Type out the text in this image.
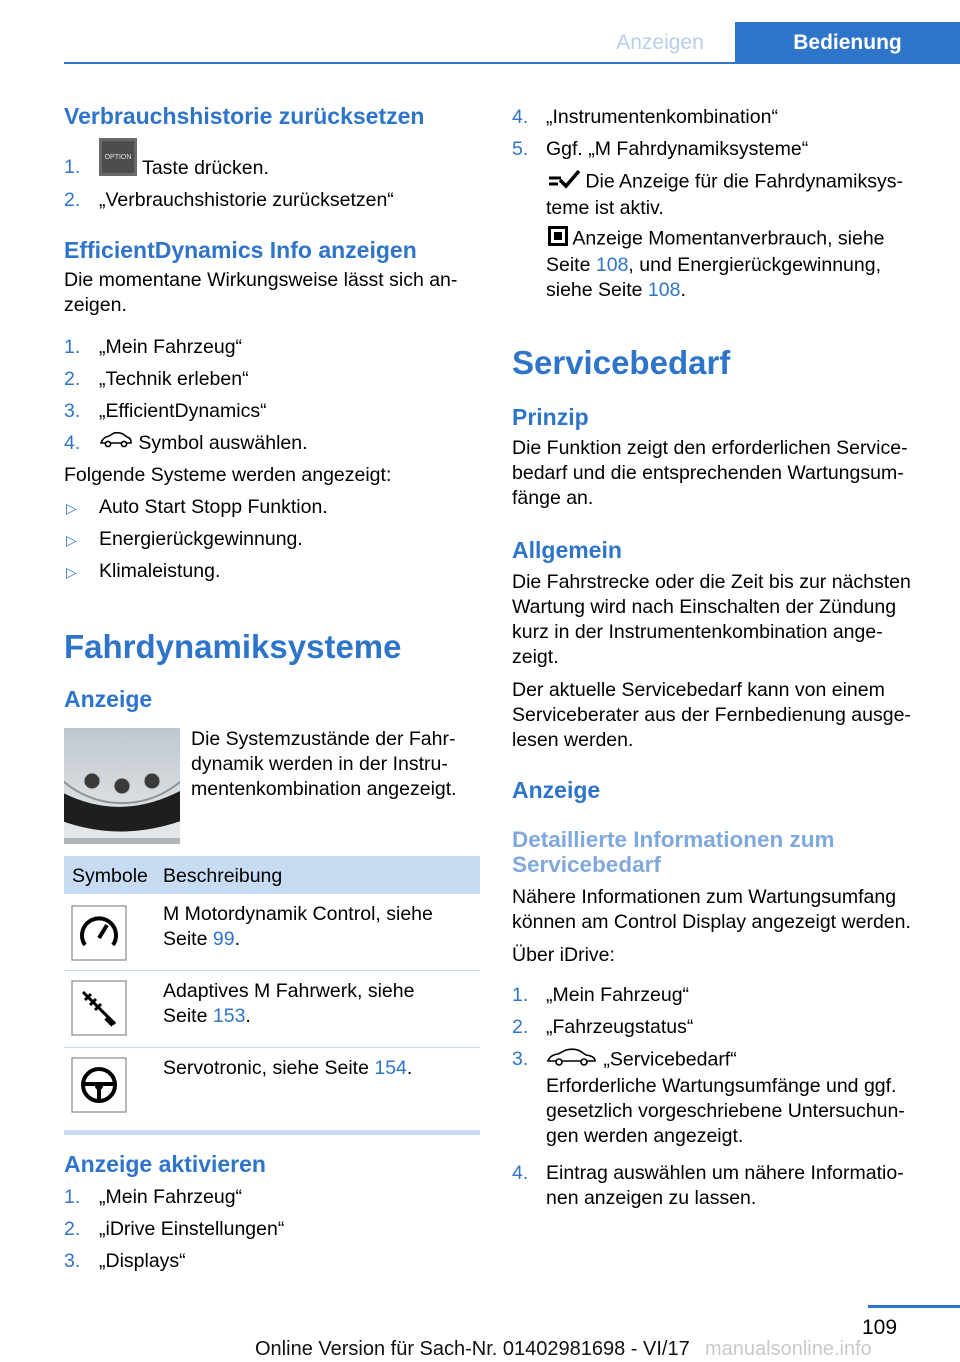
Anzeigen	Bedienung
Verbrauchshistorie zurücksetzen
1.	OPTION Taste drücken.
2. „Verbrauchshistorie zurücksetzen“
EfficientDynamics Info anzeigen
Die momentane Wirkungsweise lässt sich an‐
zeigen.
1. „Mein Fahrzeug“
2. „Technik erleben“
3. „EfficientDynamics“
4.	Symbol auswählen.
Folgende Systeme werden angezeigt:
▷ Auto Start Stopp Funktion.
▷ Energierückgewinnung.
▷ Klimaleistung.
Fahrdynamiksysteme
Anzeige
Die Systemzustände der Fahr‐
dynamik werden in der Instru‐
mentenkombination angezeigt.
Symbole Beschreibung
M Motordynamik Control, siehe
Seite 99.
Adaptives M Fahrwerk, siehe
Seite 153.
Servotronic, siehe Seite 154.
Anzeige aktivieren
1. „Mein Fahrzeug“
2. „iDrive Einstellungen“
3. „Displays“
4. „Instrumentenkombination“
5. Ggf. „M Fahrdynamiksysteme“
Die Anzeige für die Fahrdynamiksys‐
teme ist aktiv.
Anzeige Momentanverbrauch, siehe
Seite 108, und Energierückgewinnung,
siehe Seite 108.
Servicebedarf
Prinzip
Die Funktion zeigt den erforderlichen Service‐
bedarf und die entsprechenden Wartungsum‐
fänge an.
Allgemein
Die Fahrstrecke oder die Zeit bis zur nächsten
Wartung wird nach Einschalten der Zündung
kurz in der Instrumentenkombination ange‐
zeigt.
Der aktuelle Servicebedarf kann von einem
Serviceberater aus der Fernbedienung ausge‐
lesen werden.
Anzeige
Detaillierte Informationen zum
Servicebedarf
Nähere Informationen zum Wartungsumfang
können am Control Display angezeigt werden.
Über iDrive:
1. „Mein Fahrzeug“
2. „Fahrzeugstatus“
3.	„Servicebedarf“
Erforderliche Wartungsumfänge und ggf.
gesetzlich vorgeschriebene Untersuchun‐
gen werden angezeigt.
4. Eintrag auswählen um nähere Informatio‐
nen anzeigen zu lassen.
109
Online Version für Sach-Nr. 01402981698 - VI/17 manualsonline.info
